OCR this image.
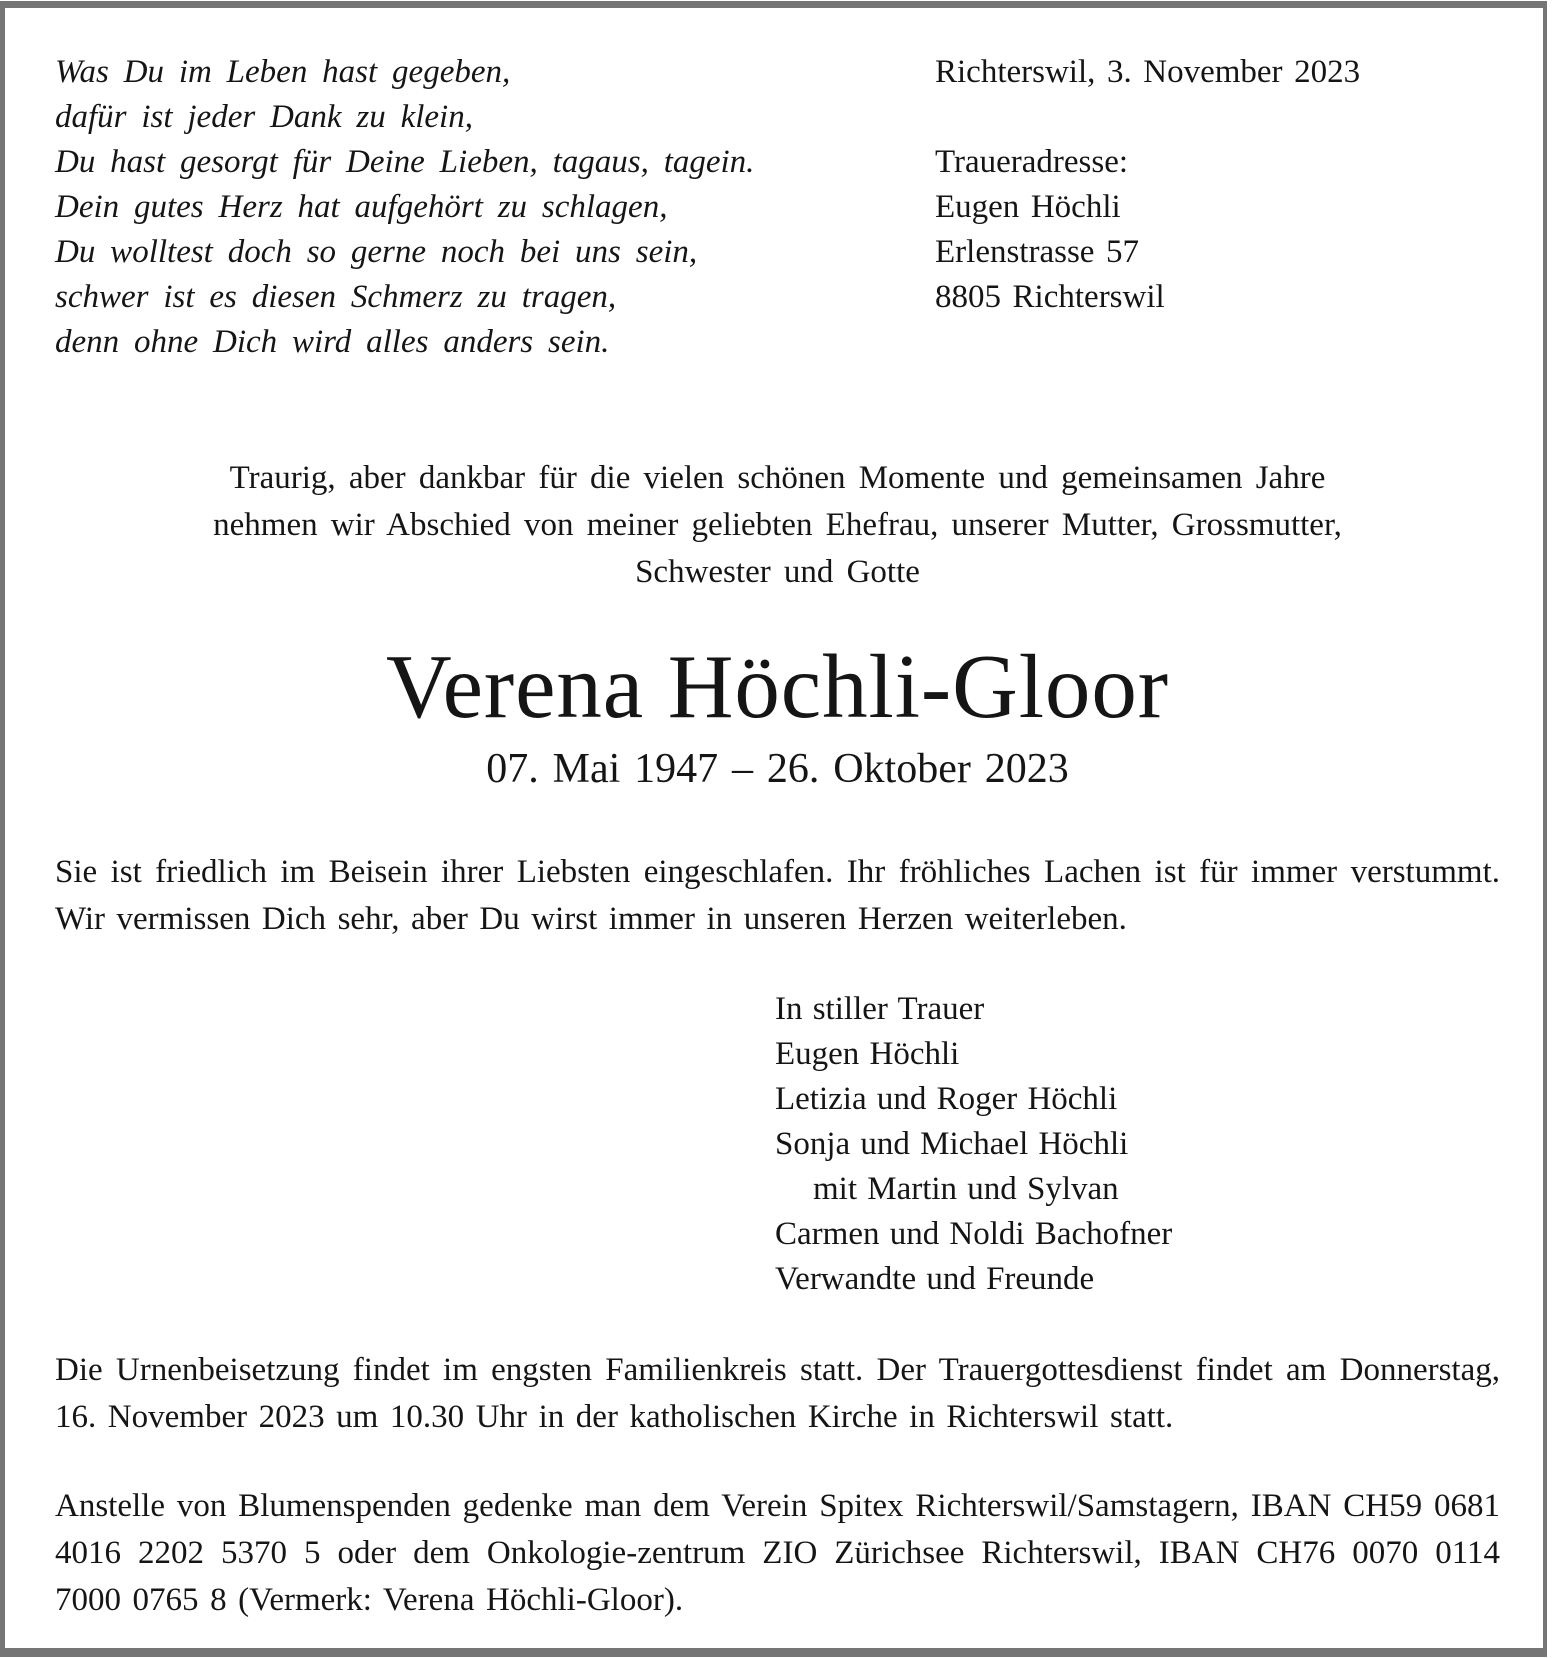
Was Du im Leben hast gegeben,
dafür ist jeder Dank zu klein,
Du hast gesorgt für Deine Lieben, tagaus, tagein.
Dein gutes Herz hat aufgehört zu schlagen,
Du wolltest doch so gerne noch bei uns sein,
schwer ist es diesen Schmerz zu tragen,
denn ohne Dich wird alles anders sein.
Richterswil, 3. November 2023
Traueradresse:
Eugen Höchli
Erlenstrasse 57
8805 Richterswil
Traurig, aber dankbar für die vielen schönen Momente und gemeinsamen Jahre
nehmen wir Abschied von meiner geliebten Ehefrau, unserer Mutter, Grossmutter,
Schwester und Gotte
Verena Höchli-Gloor
07. Mai 1947 – 26. Oktober 2023

Sie ist friedlich im Beisein ihrer Liebsten eingeschlafen. Ihr fröhliches Lachen ist für immer verstummt. Wir vermissen Dich sehr, aber Du wirst immer in unseren Herzen weiterleben.

In stiller Trauer
Eugen Höchli
Letizia und Roger Höchli
Sonja und Michael Höchli
mit Martin und Sylvan
Carmen und Noldi Bachofner
Verwandte und Freunde

Die Urnenbeisetzung findet im engsten Familienkreis statt. Der Trauergottesdienst findet am Donnerstag, 16. November 2023 um 10.30 Uhr in der katholischen Kirche in Richterswil statt.

Anstelle von Blumenspenden gedenke man dem Verein Spitex Richterswil/Samstagern, IBAN CH59 0681 4016 2202 5370 5 oder dem Onkologie-zentrum ZIO Zürichsee Richterswil, IBAN CH76 0070 0114 7000 0765 8 (Vermerk: Verena Höchli-Gloor).
